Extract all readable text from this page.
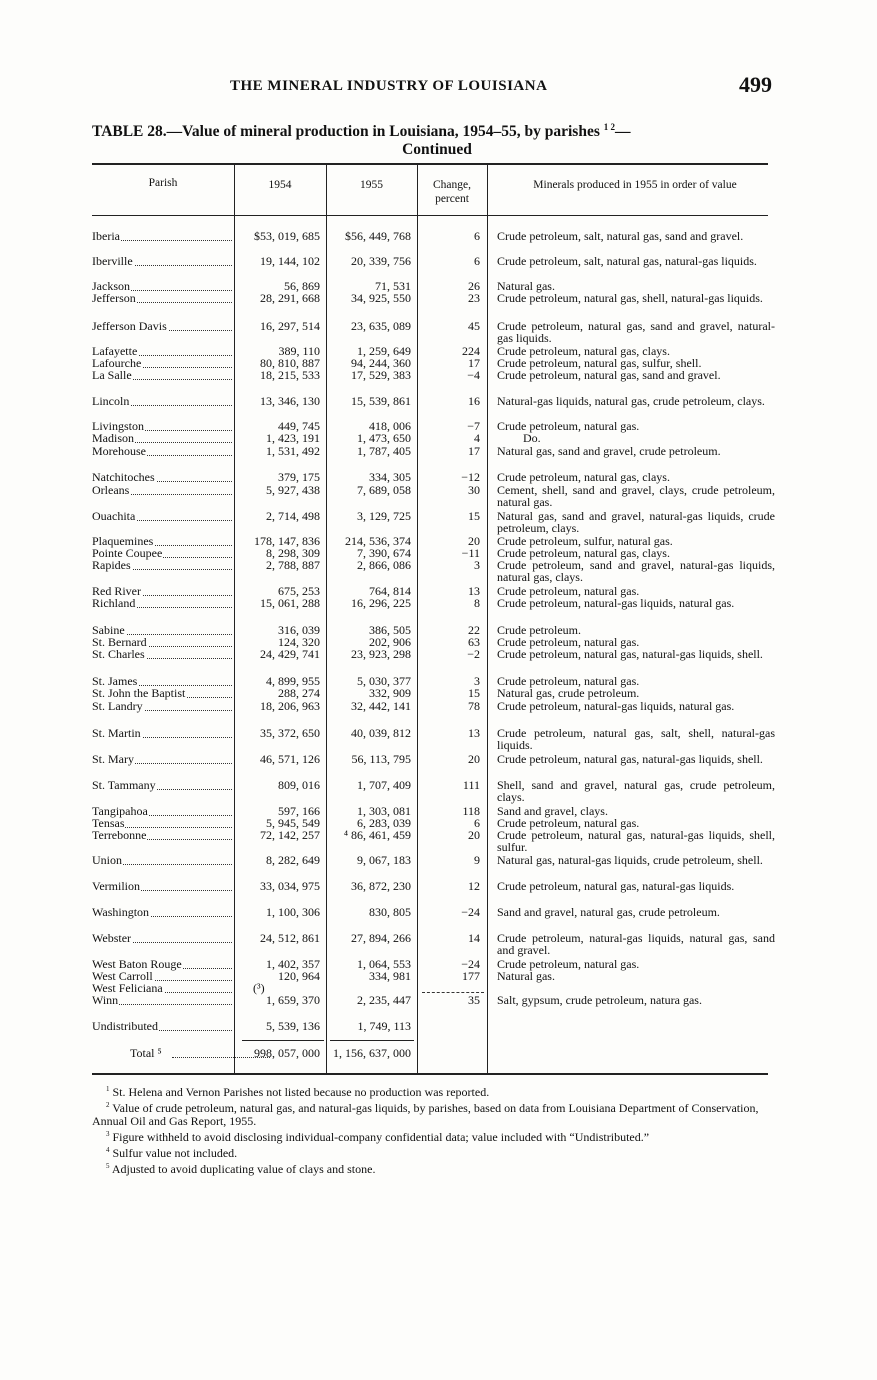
THE MINERAL INDUSTRY OF LOUISIANA	499
TABLE 28.—Value of mineral production in Louisiana, 1954–55, by parishes $^{1 2}$—
Continued
Parish	1954	1955	Change, percent
Minerals produced in 1955 in order of value
Iberia	$53, 019, 685	$56, 449, 768	6 Crude petroleum, salt, natural gas, sand and gravel.
Iberville	19, 144, 102	20, 339, 756	6 Crude petroleum, salt, natural gas, natural-gas liquids.
Jackson	56, 869	71, 531	26 Natural gas.
Jefferson	28, 291, 668	34, 925, 550	23 Crude petroleum, natural gas, shell, natural-gas liquids.
Jefferson Davis	16, 297, 514	23, 635, 089	45 Crude petroleum, natural gas, sand and gravel, natural-gas liquids.
Lafayette	389, 110	1, 259, 649	224 Crude petroleum, natural gas, clays.
Lafourche	80, 810, 887	94, 244, 360	17 Crude petroleum, natural gas, sulfur, shell.
La Salle	18, 215, 533	17, 529, 383	−4 Crude petroleum, natural gas, sand and gravel.
Lincoln	13, 346, 130	15, 539, 861	16 Natural-gas liquids, natural gas, crude petroleum, clays.
Livingston	449, 745	418, 006	−7 Crude petroleum, natural gas.
Madison	1, 423, 191	1, 473, 650	4	Do.
Morehouse	1, 531, 492	1, 787, 405	17 Natural gas, sand and gravel, crude petroleum.
Natchitoches	379, 175	334, 305	−12 Crude petroleum, natural gas, clays.
Orleans	5, 927, 438	7, 689, 058	30 Cement, shell, sand and gravel, clays, crude petroleum, natural gas.
Ouachita	2, 714, 498	3, 129, 725	15 Natural gas, sand and gravel, natural-gas liquids, crude petroleum, clays.
Plaquemines	178, 147, 836	214, 536, 374	20 Crude petroleum, sulfur, natural gas.
Pointe Coupee	8, 298, 309	7, 390, 674	−11 Crude petroleum, natural gas, clays.
Rapides	2, 788, 887	2, 866, 086	3 Crude petroleum, sand and gravel, natural-gas liquids, natural gas, clays.
Red River	675, 253	764, 814	13 Crude petroleum, natural gas.
Richland	15, 061, 288	16, 296, 225	8 Crude petroleum, natural-gas liquids, natural gas.
Sabine	316, 039	386, 505	22 Crude petroleum.
St. Bernard	124, 320	202, 906	63 Crude petroleum, natural gas.
St. Charles	24, 429, 741	23, 923, 298	−2 Crude petroleum, natural gas, natural-gas liquids, shell.
St. James	4, 899, 955	5, 030, 377	3 Crude petroleum, natural gas.
St. John the Baptist	288, 274	332, 909	15 Natural gas, crude petroleum.
St. Landry	18, 206, 963	32, 442, 141	78 Crude petroleum, natural-gas liquids, natural gas.
St. Martin	35, 372, 650	40, 039, 812	13 Crude petroleum, natural gas, salt, shell, natural-gas liquids.
St. Mary	46, 571, 126	56, 113, 795	20 Crude petroleum, natural gas, natural-gas liquids, shell.
St. Tammany	809, 016	1, 707, 409	111 Shell, sand and gravel, natural gas, crude petroleum, clays.
Tangipahoa	597, 166	1, 303, 081	118 Sand and gravel, clays.
Tensas	5, 945, 549	6, 283, 039	6 Crude petroleum, natural gas.
Terrebonne	72, 142, 257	⁴ 86, 461, 459	20 Crude petroleum, natural gas, natural-gas liquids, shell, sulfur.
Union	8, 282, 649	9, 067, 183	9 Natural gas, natural-gas liquids, crude petroleum, shell.
Vermilion	33, 034, 975	36, 872, 230	12 Crude petroleum, natural gas, natural-gas liquids.
Washington	1, 100, 306	830, 805	−24 Sand and gravel, natural gas, crude petroleum.
Webster	24, 512, 861	27, 894, 266	14 Crude petroleum, natural-gas liquids, natural gas, sand and gravel.
West Baton Rouge	1, 402, 357	1, 064, 553	−24 Crude petroleum, natural gas.
West Carroll	120, 964	334, 981	177 Natural gas.
West Feliciana	(³)
Winn	1, 659, 370	2, 235, 447	35 Salt, gypsum, crude petroleum, natura gas.
Undistributed	5, 539, 136	1, 749, 113
Total ⁵	998, 057, 000	1, 156, 637, 000

$^1$ St. Helena and Vernon Parishes not listed because no production was reported.

$^2$ Value of crude petroleum, natural gas, and natural-gas liquids, by parishes, based on data from Louisiana Department of Conservation, Annual Oil and Gas Report, 1955.

$^3$ Figure withheld to avoid disclosing individual-company confidential data; value included with “Undistributed.”

$^4$ Sulfur value not included.

$^5$ Adjusted to avoid duplicating value of clays and stone.
